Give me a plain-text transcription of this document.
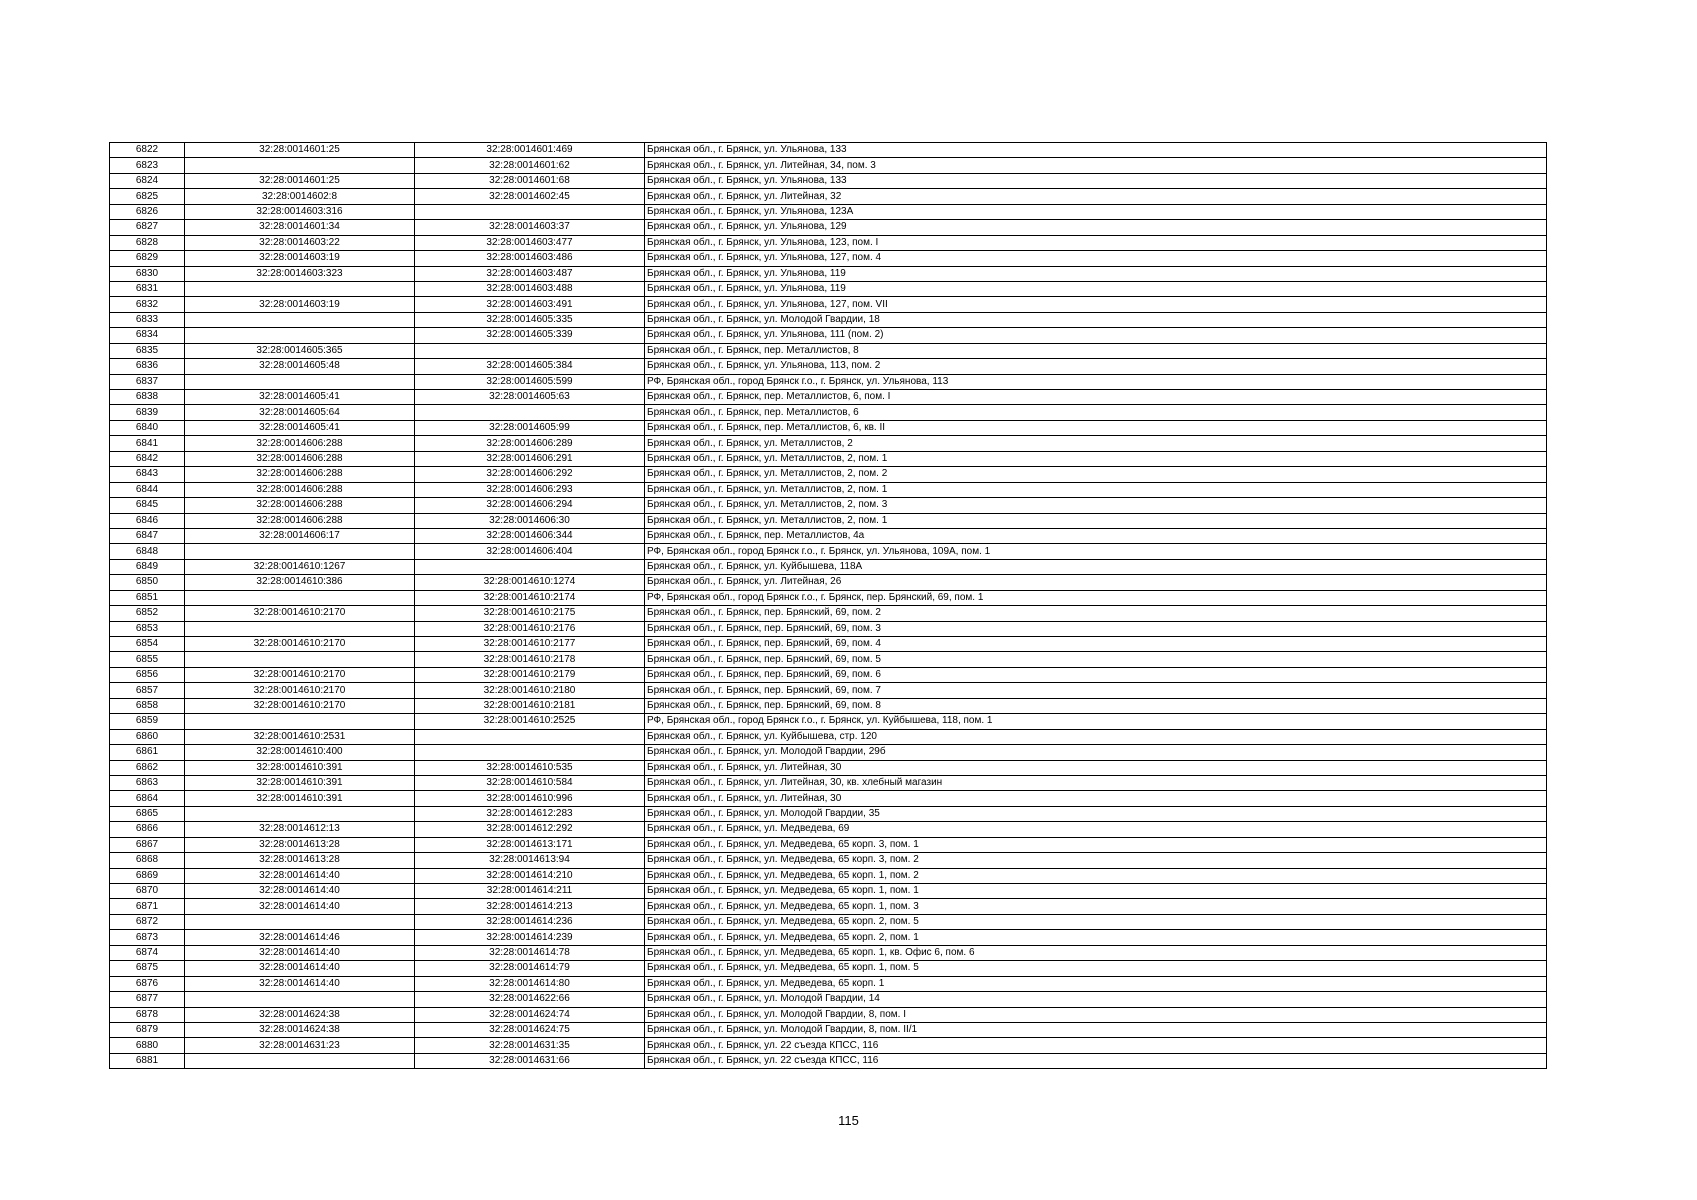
6822	32:28:0014601:25	32:28:0014601:469	Брянская обл., г. Брянск, ул. Ульянова, 133
6823		32:28:0014601:62	Брянская обл., г. Брянск, ул. Литейная, 34, пом. 3
6824	32:28:0014601:25	32:28:0014601:68	Брянская обл., г. Брянск, ул. Ульянова, 133
6825	32:28:0014602:8	32:28:0014602:45	Брянская обл., г. Брянск, ул. Литейная, 32
6826	32:28:0014603:316		Брянская обл., г. Брянск, ул. Ульянова, 123А
6827	32:28:0014601:34	32:28:0014603:37	Брянская обл., г. Брянск, ул. Ульянова, 129
6828	32:28:0014603:22	32:28:0014603:477	Брянская обл., г. Брянск, ул. Ульянова, 123, пом. I
6829	32:28:0014603:19	32:28:0014603:486	Брянская обл., г. Брянск, ул. Ульянова, 127, пом. 4
6830	32:28:0014603:323	32:28:0014603:487	Брянская обл., г. Брянск, ул. Ульянова, 119
6831		32:28:0014603:488	Брянская обл., г. Брянск, ул. Ульянова, 119
6832	32:28:0014603:19	32:28:0014603:491	Брянская обл., г. Брянск, ул. Ульянова, 127, пом. VII
6833		32:28:0014605:335	Брянская обл., г. Брянск, ул. Молодой Гвардии, 18
6834		32:28:0014605:339	Брянская обл., г. Брянск, ул. Ульянова, 111 (пом. 2)
6835	32:28:0014605:365		Брянская обл., г. Брянск, пер. Металлистов, 8
6836	32:28:0014605:48	32:28:0014605:384	Брянская обл., г. Брянск, ул. Ульянова, 113, пом. 2
6837		32:28:0014605:599	РФ, Брянская обл., город Брянск г.о., г. Брянск, ул. Ульянова, 113
6838	32:28:0014605:41	32:28:0014605:63	Брянская обл., г. Брянск, пер. Металлистов, 6, пом. I
6839	32:28:0014605:64		Брянская обл., г. Брянск, пер. Металлистов, 6
6840	32:28:0014605:41	32:28:0014605:99	Брянская обл., г. Брянск, пер. Металлистов, 6, кв. II
6841	32:28:0014606:288	32:28:0014606:289	Брянская обл., г. Брянск, ул. Металлистов, 2
6842	32:28:0014606:288	32:28:0014606:291	Брянская обл., г. Брянск, ул. Металлистов, 2, пом. 1
6843	32:28:0014606:288	32:28:0014606:292	Брянская обл., г. Брянск, ул. Металлистов, 2, пом. 2
6844	32:28:0014606:288	32:28:0014606:293	Брянская обл., г. Брянск, ул. Металлистов, 2, пом. 1
6845	32:28:0014606:288	32:28:0014606:294	Брянская обл., г. Брянск, ул. Металлистов, 2, пом. 3
6846	32:28:0014606:288	32:28:0014606:30	Брянская обл., г. Брянск, ул. Металлистов, 2, пом. 1
6847	32:28:0014606:17	32:28:0014606:344	Брянская обл., г. Брянск, пер. Металлистов, 4а
6848		32:28:0014606:404	РФ, Брянская обл., город Брянск г.о., г. Брянск, ул. Ульянова, 109А, пом. 1
6849	32:28:0014610:1267		Брянская обл., г. Брянск, ул. Куйбышева, 118А
6850	32:28:0014610:386	32:28:0014610:1274	Брянская обл., г. Брянск, ул. Литейная, 26
6851		32:28:0014610:2174	РФ, Брянская обл., город Брянск г.о., г. Брянск, пер. Брянский, 69, пом. 1
6852	32:28:0014610:2170	32:28:0014610:2175	Брянская обл., г. Брянск, пер. Брянский, 69, пом. 2
6853		32:28:0014610:2176	Брянская обл., г. Брянск, пер. Брянский, 69, пом. 3
6854	32:28:0014610:2170	32:28:0014610:2177	Брянская обл., г. Брянск, пер. Брянский, 69, пом. 4
6855		32:28:0014610:2178	Брянская обл., г. Брянск, пер. Брянский, 69, пом. 5
6856	32:28:0014610:2170	32:28:0014610:2179	Брянская обл., г. Брянск, пер. Брянский, 69, пом. 6
6857	32:28:0014610:2170	32:28:0014610:2180	Брянская обл., г. Брянск, пер. Брянский, 69, пом. 7
6858	32:28:0014610:2170	32:28:0014610:2181	Брянская обл., г. Брянск, пер. Брянский, 69, пом. 8
6859		32:28:0014610:2525	РФ, Брянская обл., город Брянск г.о., г. Брянск, ул. Куйбышева, 118, пом. 1
6860	32:28:0014610:2531		Брянская обл., г. Брянск, ул. Куйбышева, стр. 120
6861	32:28:0014610:400		Брянская обл., г. Брянск, ул. Молодой Гвардии, 29б
6862	32:28:0014610:391	32:28:0014610:535	Брянская обл., г. Брянск, ул. Литейная, 30
6863	32:28:0014610:391	32:28:0014610:584	Брянская обл., г. Брянск, ул. Литейная, 30, кв. хлебный магазин
6864	32:28:0014610:391	32:28:0014610:996	Брянская обл., г. Брянск, ул. Литейная, 30
6865		32:28:0014612:283	Брянская обл., г. Брянск, ул. Молодой Гвардии, 35
6866	32:28:0014612:13	32:28:0014612:292	Брянская обл., г. Брянск, ул. Медведева, 69
6867	32:28:0014613:28	32:28:0014613:171	Брянская обл., г. Брянск, ул. Медведева, 65 корп. 3, пом. 1
6868	32:28:0014613:28	32:28:0014613:94	Брянская обл., г. Брянск, ул. Медведева, 65 корп. 3, пом. 2
6869	32:28:0014614:40	32:28:0014614:210	Брянская обл., г. Брянск, ул. Медведева, 65 корп. 1, пом. 2
6870	32:28:0014614:40	32:28:0014614:211	Брянская обл., г. Брянск, ул. Медведева, 65 корп. 1, пом. 1
6871	32:28:0014614:40	32:28:0014614:213	Брянская обл., г. Брянск, ул. Медведева, 65 корп. 1, пом. 3
6872		32:28:0014614:236	Брянская обл., г. Брянск, ул. Медведева, 65 корп. 2, пом. 5
6873	32:28:0014614:46	32:28:0014614:239	Брянская обл., г. Брянск, ул. Медведева, 65 корп. 2, пом. 1
6874	32:28:0014614:40	32:28:0014614:78	Брянская обл., г. Брянск, ул. Медведева, 65 корп. 1, кв. Офис 6, пом. 6
6875	32:28:0014614:40	32:28:0014614:79	Брянская обл., г. Брянск, ул. Медведева, 65 корп. 1, пом. 5
6876	32:28:0014614:40	32:28:0014614:80	Брянская обл., г. Брянск, ул. Медведева, 65 корп. 1
6877		32:28:0014622:66	Брянская обл., г. Брянск, ул. Молодой Гвардии, 14
6878	32:28:0014624:38	32:28:0014624:74	Брянская обл., г. Брянск, ул. Молодой Гвардии, 8, пом. I
6879	32:28:0014624:38	32:28:0014624:75	Брянская обл., г. Брянск, ул. Молодой Гвардии, 8, пом. II/1
6880	32:28:0014631:23	32:28:0014631:35	Брянская обл., г. Брянск, ул. 22 съезда КПСС, 116
6881		32:28:0014631:66	Брянская обл., г. Брянск, ул. 22 съезда КПСС, 116
115
